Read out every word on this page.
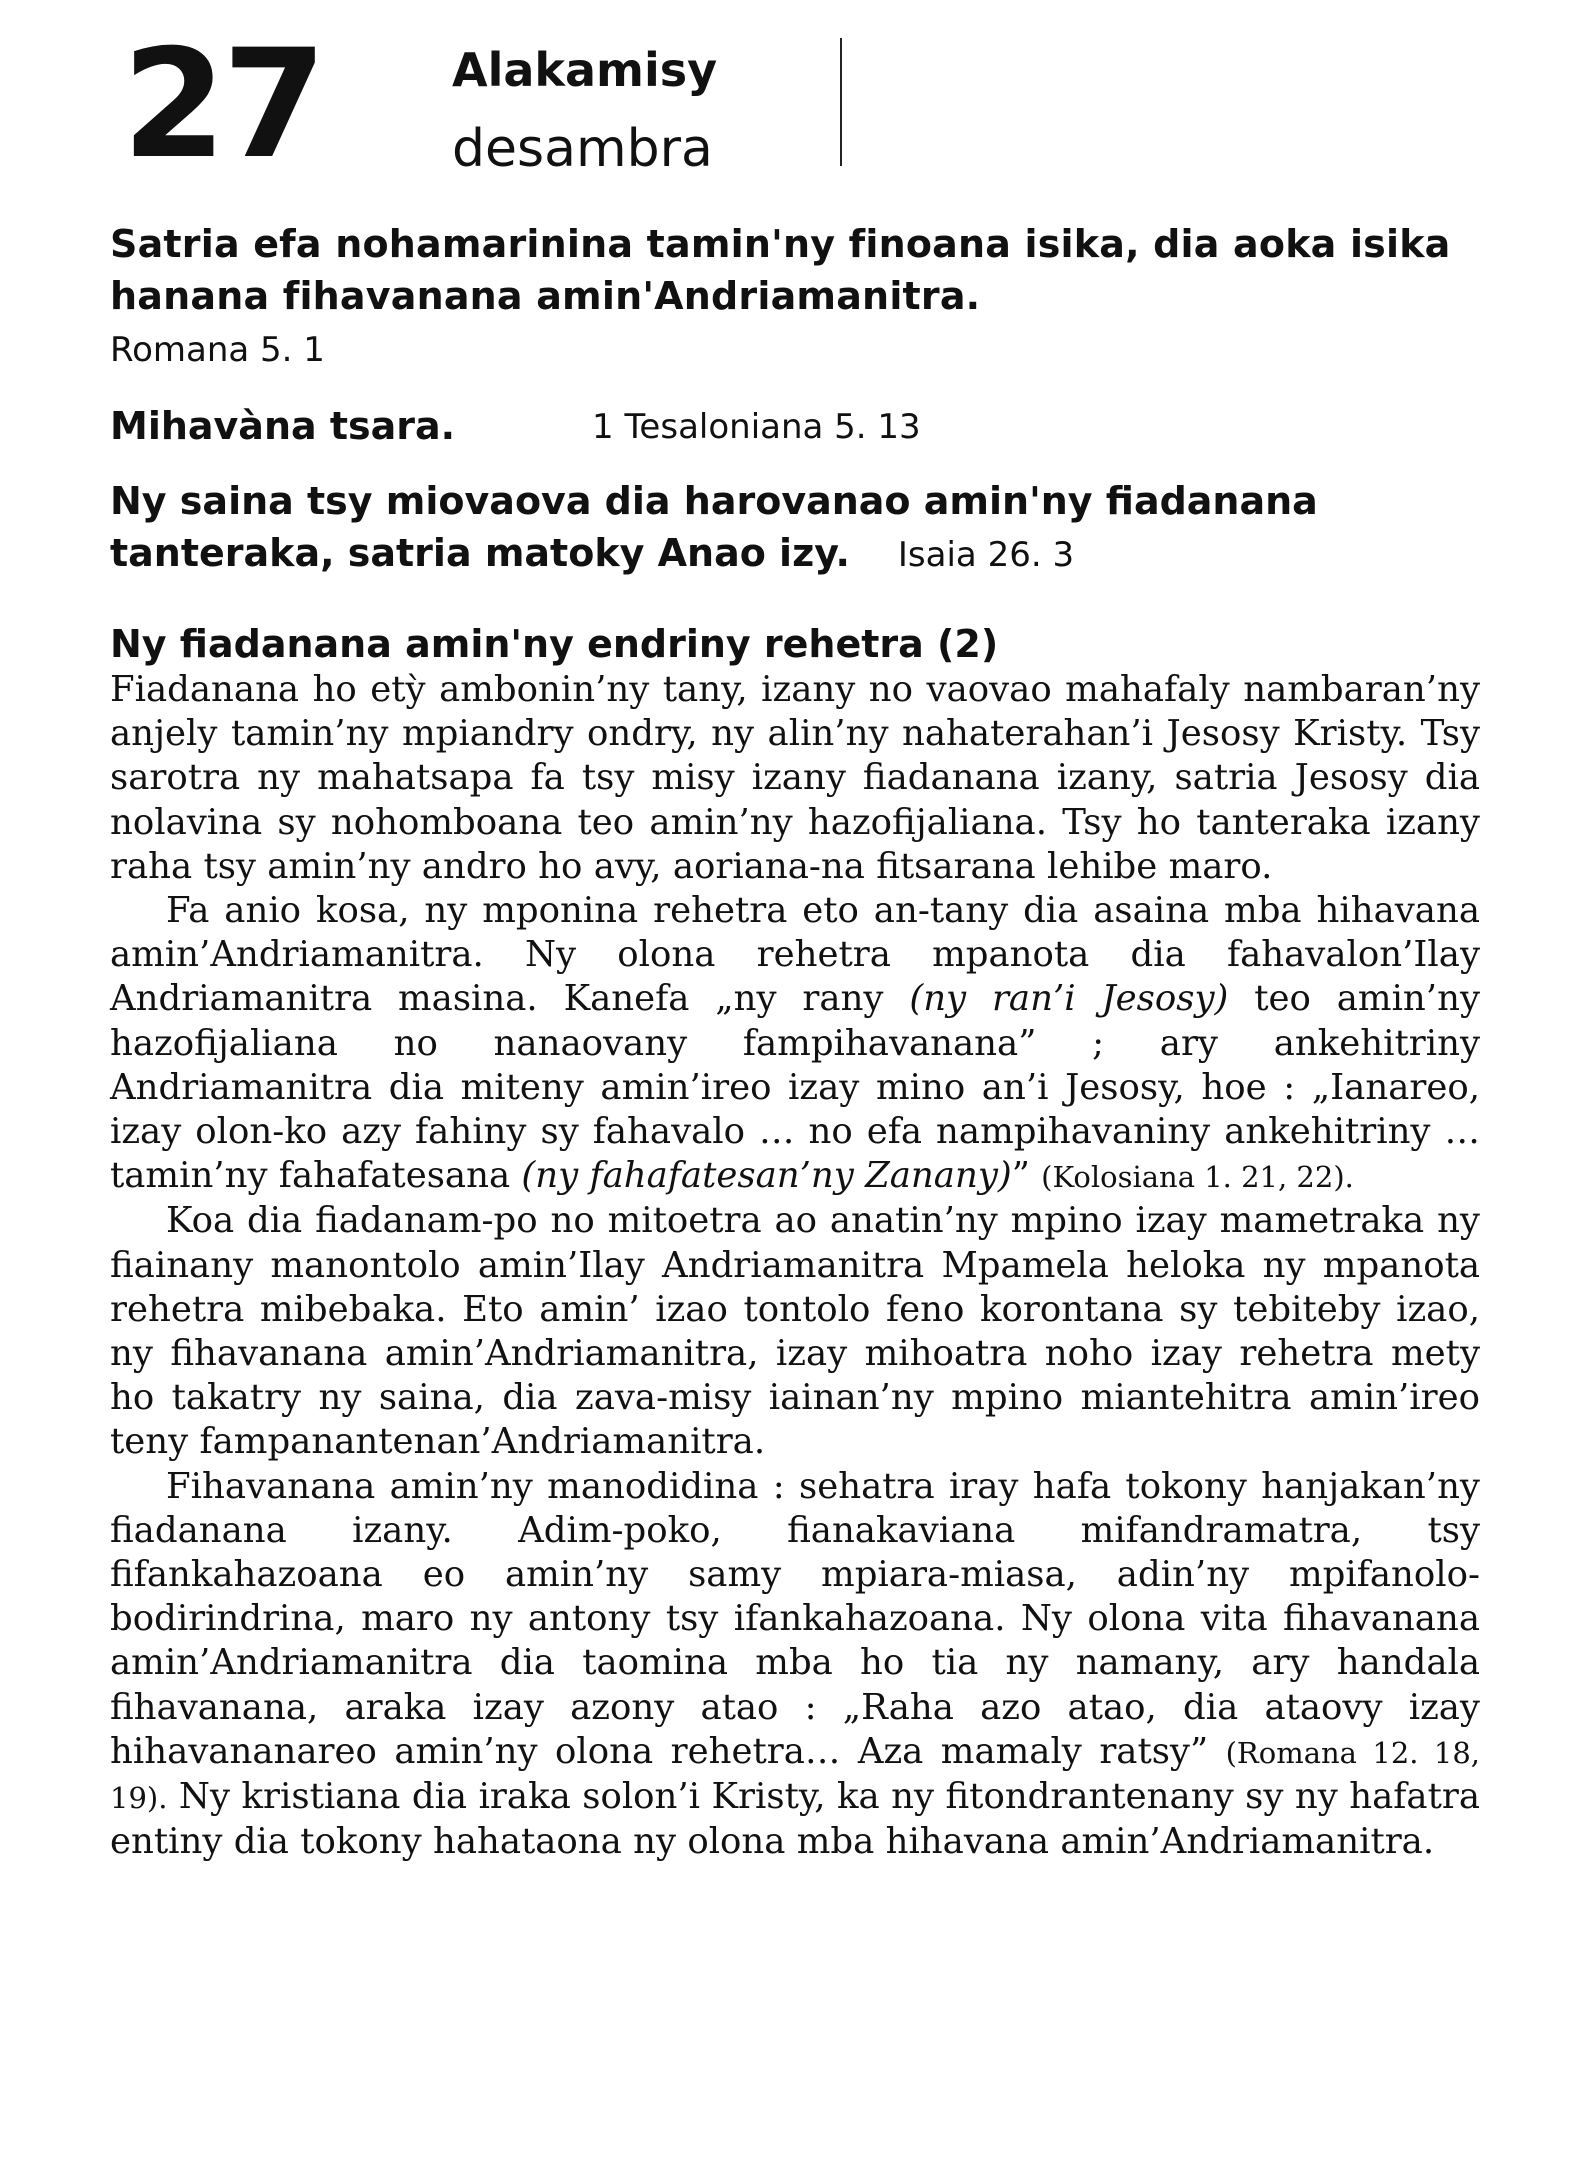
27	Alakamisy
desambra
Satria efa nohamarinina tamin'ny finoana isika, dia aoka isika hanana fihavanana amin'Andriamanitra.
Romana 5. 1
Mihavàna tsara.	1 Tesaloniana 5. 13
Ny saina tsy miovaova dia harovanao amin'ny fiadanana tanteraka, satria matoky Anao izy. Isaia 26. 3
Ny fiadanana amin'ny endriny rehetra (2)

Fiadanana ho etỳ ambonin’ny tany, izany no vaovao mahafaly nambaran’ny anjely tamin’ny mpiandry ondry, ny alin’ny nahaterahan’i Jesosy Kristy. Tsy sarotra ny mahatsapa fa tsy misy izany fiadanana izany, satria Jesosy dia nolavina sy nohomboana teo amin’ny hazofijaliana. Tsy ho tanteraka izany raha tsy amin’ny andro ho avy, aoriana-na fitsarana lehibe maro.

Fa anio kosa, ny mponina rehetra eto an-tany dia asaina mba hihavana amin’Andriamanitra. Ny olona rehetra mpanota dia fahavalon’Ilay Andriamanitra masina. Kanefa „ny rany (ny ran’i Jesosy) teo amin’ny hazofijaliana no nanaovany fampihavanana” ; ary ankehitriny Andriamanitra dia miteny amin’ireo izay mino an’i Jesosy, hoe : „Ianareo, izay olon-ko azy fahiny sy fahavalo … no efa nampihavaniny ankehitriny … tamin’ny fahafatesana (ny fahafatesan’ny Zanany)” (Kolosiana 1. 21, 22).

Koa dia fiadanam-po no mitoetra ao anatin’ny mpino izay mametraka ny fiainany manontolo amin’Ilay Andriamanitra Mpamela heloka ny mpanota rehetra mibebaka. Eto amin’ izao tontolo feno korontana sy tebiteby izao, ny fihavanana amin’Andriamanitra, izay mihoatra noho izay rehetra mety ho takatry ny saina, dia zava-misy iainan’ny mpino miantehitra amin’ireo teny fampanantenan’Andriamanitra.

Fihavanana amin’ny manodidina : sehatra iray hafa tokony hanjakan’ny fiadanana izany. Adim-poko, fianakaviana mifandramatra, tsy fifankahazoana eo amin’ny samy mpiara-miasa, adin’ny mpifanolo-bodirindrina, maro ny antony tsy ifankahazoana. Ny olona vita fihavanana amin’Andriamanitra dia taomina mba ho tia ny namany, ary handala fihavanana, araka izay azony atao : „Raha azo atao, dia ataovy izay hihavananareo amin’ny olona rehetra… Aza mamaly ratsy” (Romana 12. 18, 19). Ny kristiana dia iraka solon’i Kristy, ka ny fitondrantenany sy ny hafatra entiny dia tokony hahataona ny olona mba hihavana amin’Andriamanitra.
